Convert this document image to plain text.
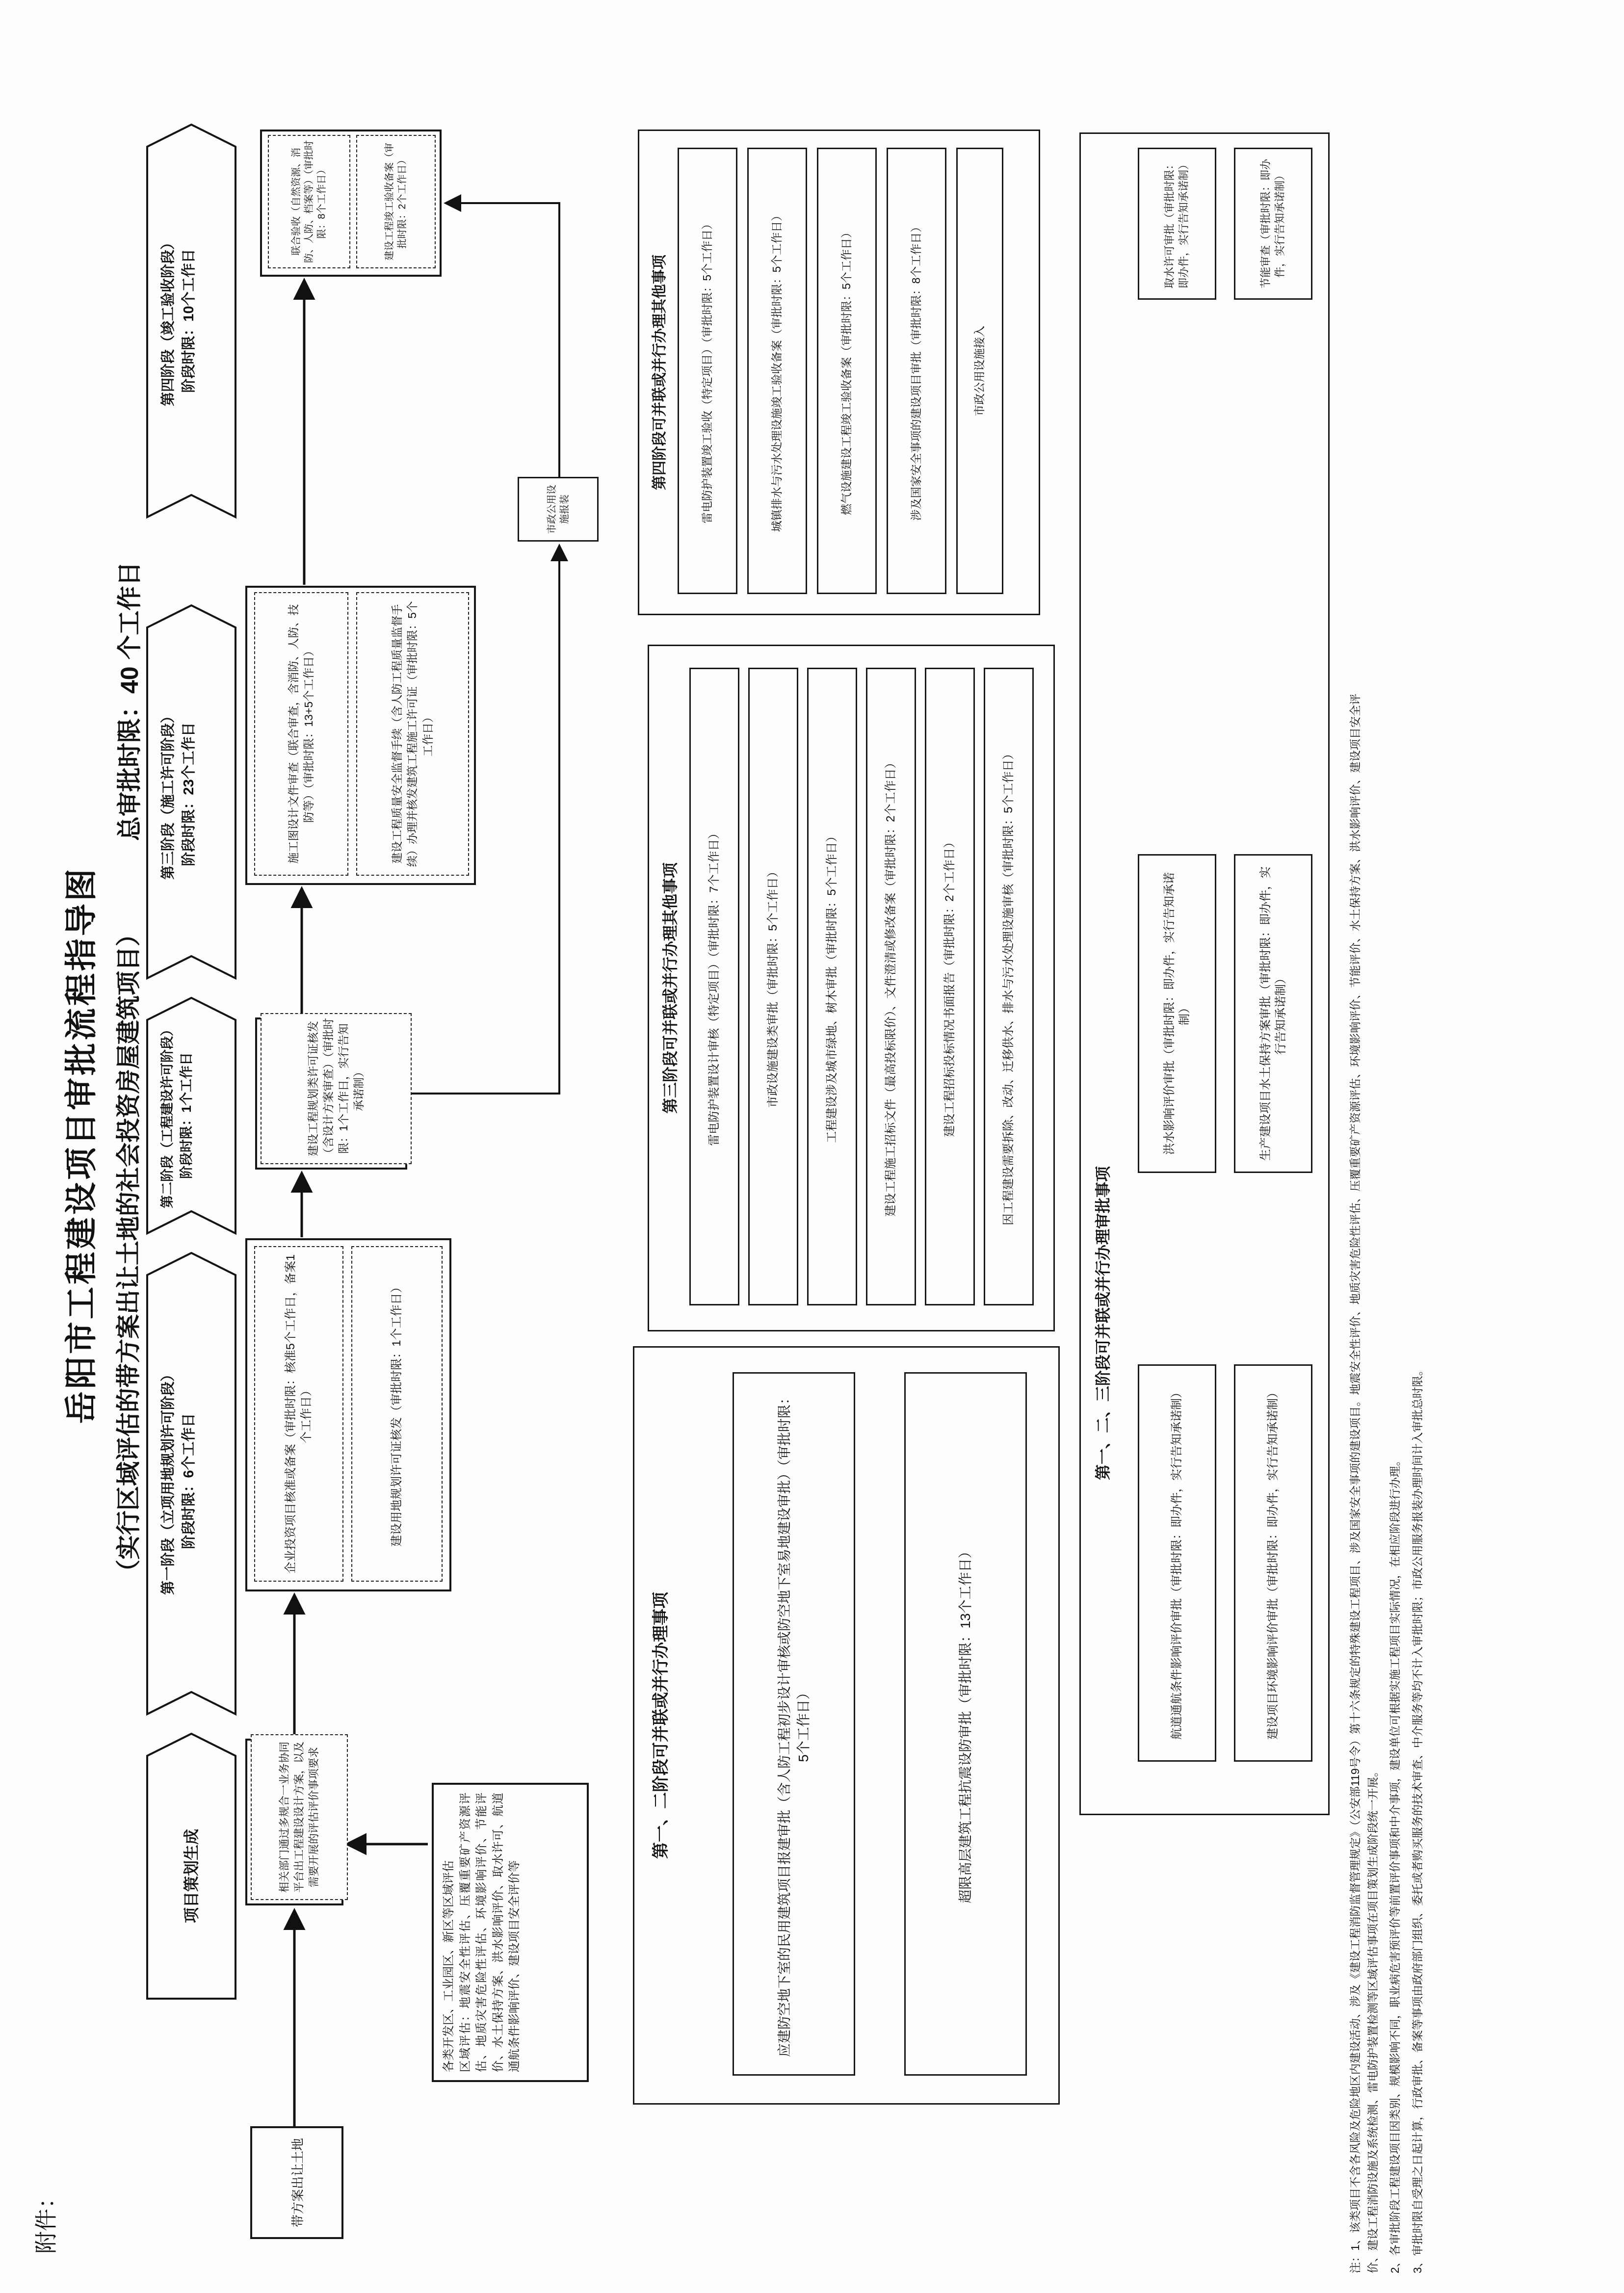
附件：
岳阳市工程建设项目审批流程指导图 （实行区域评估的带方案出让土地的社会投资房屋建筑项目）
总审批时限：40 个工作日
项目策划生成
第一阶段（立项用地规划许可阶段） 阶段时限：6个工作日
第二阶段（工程建设许可阶段） 阶段时限：1个工作日
第三阶段（施工许可阶段） 阶段时限：23个工作日
第四阶段（竣工验收阶段） 阶段时限：10个工作日
带方案出让土地
相关部门通过多规合一业务协同平台出工程建设设计方案，以及需要开展的评估评价事项要求
各类开发区、工业园区、新区等区域评估 区域评估：地震安全性评估、压覆重要矿产资源评估、地质灾害危险性评估、环境影响评价、节能评价、水土保持方案、洪水影响评价、取水许可、航道通航条件影响评价、建设项目安全评价等
企业投资项目核准或备案（审批时限：核准5个工作日，备案1个工作日）	建设用地规划许可证核发（审批时限：1个工作日）
建设工程规划类许可证核发（含设计方案审查）（审批时限：1个工作日，实行告知承诺制）
施工图设计文件审查（联合审查，含消防、人防、技防等）（审批时限：13+5个工作日）	建设工程质量安全监督手续（含人防工程质量监督手续）办理并核发建筑工程施工许可证（审批时限：5个工作日）
联合验收（自然资源、消防、人防、档案等）（审批时限：8个工作日）	建设工程竣工验收备案（审批时限：2个工作日）
市政公用设施报装
第一、二阶段可并联或并行办理事项	应建防空地下室的民用建筑项目报建审批（含人防工程初步设计审核或防空地下室易地建设审批）（审批时限：5个工作日）	超限高层建筑工程抗震设防审批（审批时限：13个工作日）
第三阶段可并联或并行办理其他事项 雷电防护装置设计审核（特定项目）（审批时限：7个工作日）	市政设施建设类审批（审批时限：5个工作日）	工程建设涉及城市绿地、树木审批（审批时限：5个工作日）	建设工程施工招标文件（最高投标限价）、文件澄清或修改备案（审批时限：2个工作日）	建设工程招标投标情况书面报告（审批时限：2个工作日）	因工程建设需要拆除、改动、迁移供水、排水与污水处理设施审核（审批时限：5个工作日）
第四阶段可并联或并行办理其他事项	雷电防护装置竣工验收（特定项目）（审批时限：5个工作日）	城镇排水与污水处理设施竣工验收备案（审批时限：5个工作日）	燃气设施建设工程竣工验收备案（审批时限：5个工作日）	涉及国家安全事项的建设项目审批（审批时限：8个工作日）	市政公用设施接入
第一、二、三阶段可并联或并行办理审批事项
航道通航条件影响评价审批（审批时限：即办件，实行告知承诺制）	建设项目环境影响评价审批（审批时限：即办件，实行告知承诺制）
洪水影响评价审批（审批时限：即办件，实行告知承诺制）	生产建设项目水土保持方案审批（审批时限：即办件，实行告知承诺制）
取水许可审批（审批时限：即办件，实行告知承诺制）	节能审查（审批时限：即办件，实行告知承诺制）

注：1、该类项目不含各风险及危险地区内建设活动、涉及《建设工程消防监督管理规定》（公安部119号令）第十六条规定的特殊建设工程项目、涉及国家安全事项的建设项目。地震安全性评价、地质灾害危险性评估、压覆重要矿产资源评估、环境影响评价、节能评价、水土保持方案、洪水影响评价、建设项目安全评价、建设工程消防设施及系统检测、雷电防护装置检测等区域评估事项在项目策划生成阶段统一开展。 2、各审批阶段工程建设项目因类别、规模影响不同，职业病危害预评价等前置评价事项和中介事项，建设单位可根据实施工程项目实际情况，在相应阶段进行办理。 3、审批时限自受理之日起计算，行政审批、备案等事项由政府部门组织、委托或者购买服务的技术审查、中介服务等均不计入审批时限；市政公用服务报装办理时间计入审批总时限。
